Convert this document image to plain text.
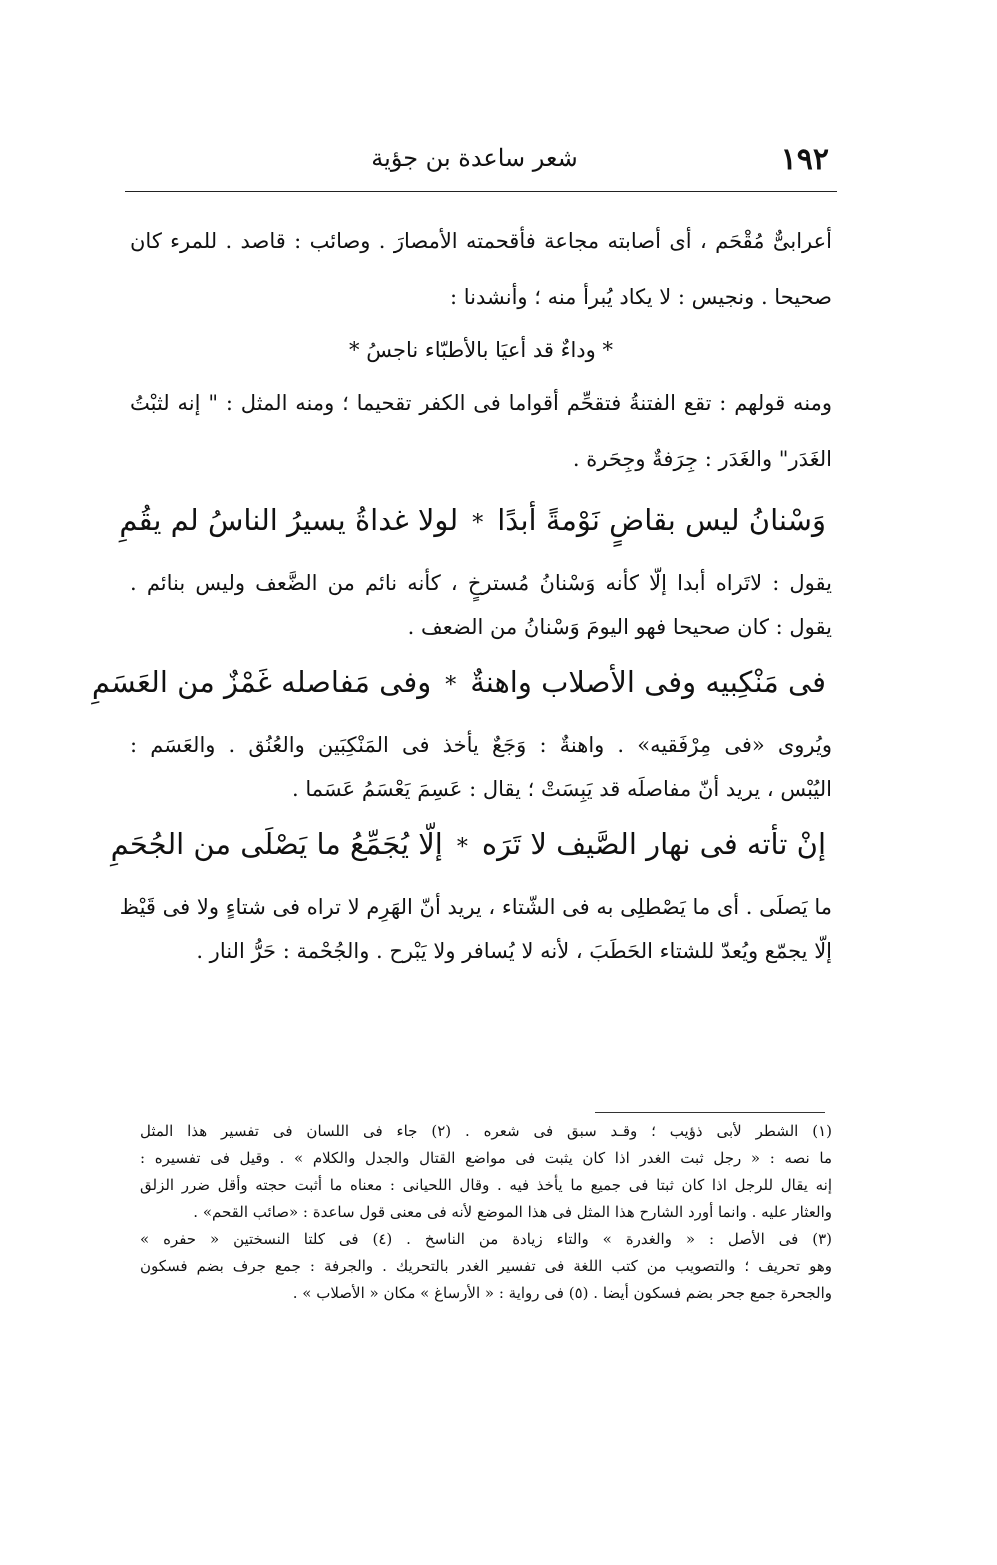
١٩٢
شعر ساعدة بن جؤية
أعرابىٌّ مُقْحَم ، أى أصابته مجاعة فأقحمته الأمصارَ . وصائب : قاصد . للمرء كان
صحيحا . ونجيس : لا يكاد يُبرأ منه ؛ وأنشدنا :
* وداءٌ قد أعيَا بالأطبّاء ناجسُ *
ومنه قولهم : تقع الفتنةُ فتقحِّم أقواما فى الكفر تقحيما ؛ ومنه المثل : " إنه لثبْتُ
الغَدَر" والغَدَر : جِرَفةٌ وجِحَرة .
وَسْنانُ ليس بقاضٍ نَوْمةً أبدًا
*
لولا غداةُ يسيرُ الناسُ لم يقُمِ
يقول : لاتَراه أبدا إلّا كأنه وَسْنانُ مُسترخٍ ، كأنه نائم من الضَّعف وليس بنائم .
يقول : كان صحيحا فهو اليومَ وَسْنانُ من الضعف .
فى مَنْكِبيه وفى الأصلاب واهنةٌ
*
وفى مَفاصله غَمْزٌ من العَسَمِ
ويُروى «فى مِرْفَقيه» . واهنةٌ : وَجَعٌ يأخذ فى المَنْكِبَين والعُنُق . والعَسَم :
اليُبْس ، يريد أنّ مفاصلَه قد يَبِسَتْ ؛ يقال : عَسِمَ يَعْسَمُ عَسَما .
إنْ تأته فى نهار الصَّيف لا تَرَه
*
إلّا يُجَمِّعُ ما يَصْلَى من الجُحَمِ
ما يَصلَى . أى ما يَصْطلِى به فى الشّتاء ، يريد أنّ الهَرِم لا تراه فى شتاءٍ ولا فى قَيْظ
إلّا يجمّع ويُعدّ للشتاء الحَطَبَ ، لأنه لا يُسافر ولا يَبْرح . والجُحْمة : حَرُّ النار .
(١) الشطر لأبى ذؤيب ؛ وقـد سبق فى شعره . (٢) جاء فى اللسان فى تفسير هذا المثل
ما نصه : « رجل ثبت الغدر اذا كان يثبت فى مواضع القتال والجدل والكلام » . وقيل فى تفسيره :
إنه يقال للرجل اذا كان ثبتا فى جميع ما يأخذ فيه . وقال اللحيانى : معناه ما أثبت حجته وأقل ضرر الزلق
والعثار عليه . وانما أورد الشارح هذا المثل فى هذا الموضع لأنه فى معنى قول ساعدة : «صائب القحم» .
(٣) فى الأصل : « والغدرة » والتاء زيادة من الناسخ . (٤) فى كلتا النسختين « حفره »
وهو تحريف ؛ والتصويب من كتب اللغة فى تفسير الغدر بالتحريك . والجرفة : جمع جرف بضم فسكون
والجحرة جمع جحر بضم فسكون أيضا . (٥) فى رواية : « الأرساغ » مكان « الأصلاب » .
